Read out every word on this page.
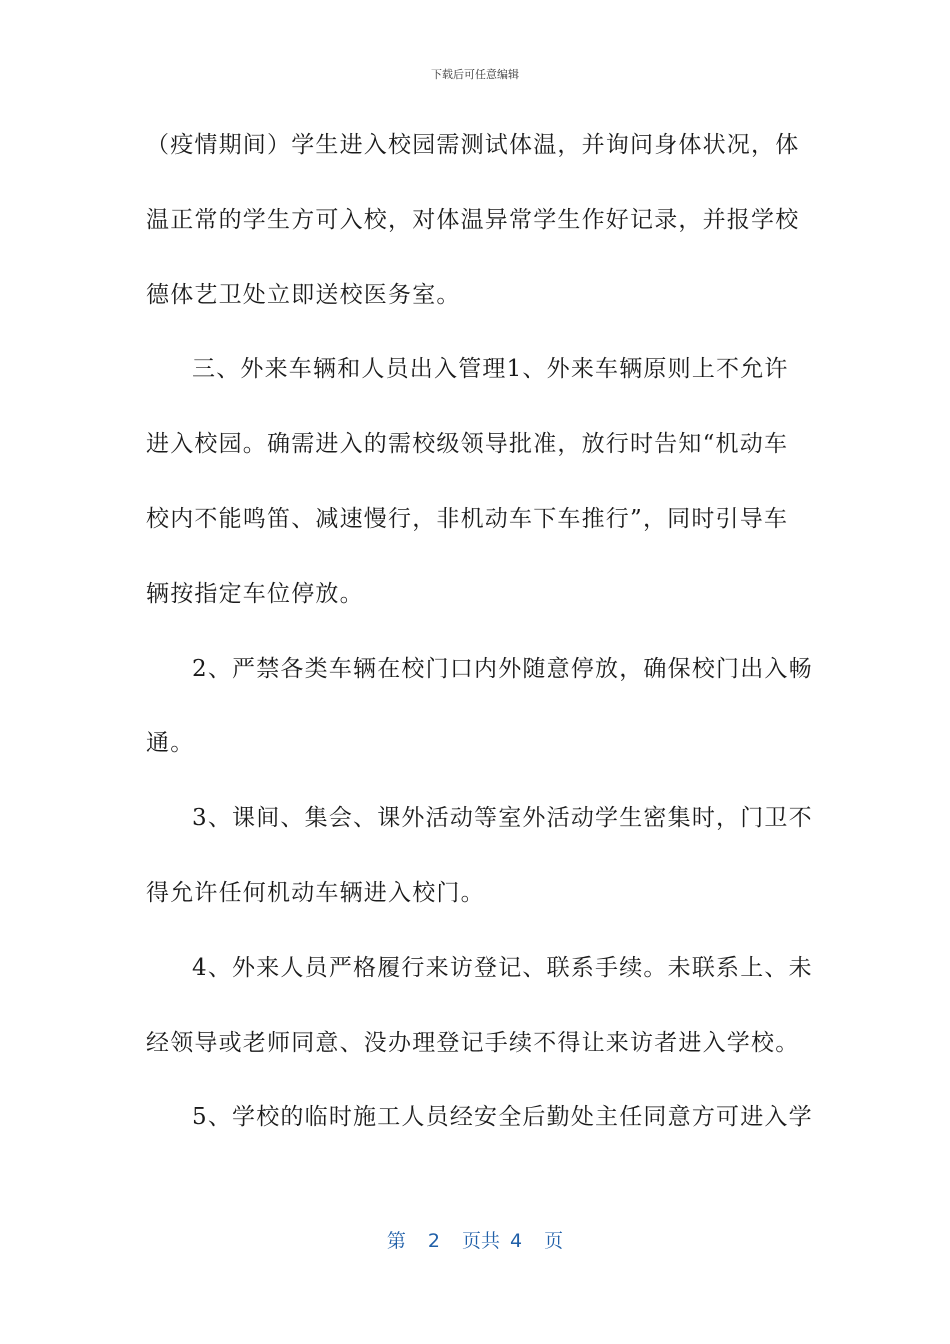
下载后可任意编辑
（疫情期间）学生进入校园需测试体温，并询问身体状况，体
温正常的学生方可入校，对体温异常学生作好记录，并报学校
德体艺卫处立即送校医务室。
三、外来车辆和人员出入管理1、外来车辆原则上不允许
进入校园。确需进入的需校级领导批准，放行时告知“机动车
校内不能鸣笛、减速慢行，非机动车下车推行”，同时引导车
辆按指定车位停放。
2、严禁各类车辆在校门口内外随意停放，确保校门出入畅
通。
3、课间、集会、课外活动等室外活动学生密集时，门卫不
得允许任何机动车辆进入校门。
4、外来人员严格履行来访登记、联系手续。未联系上、未
经领导或老师同意、没办理登记手续不得让来访者进入学校。
5、学校的临时施工人员经安全后勤处主任同意方可进入学
第 2 页共 4 页
